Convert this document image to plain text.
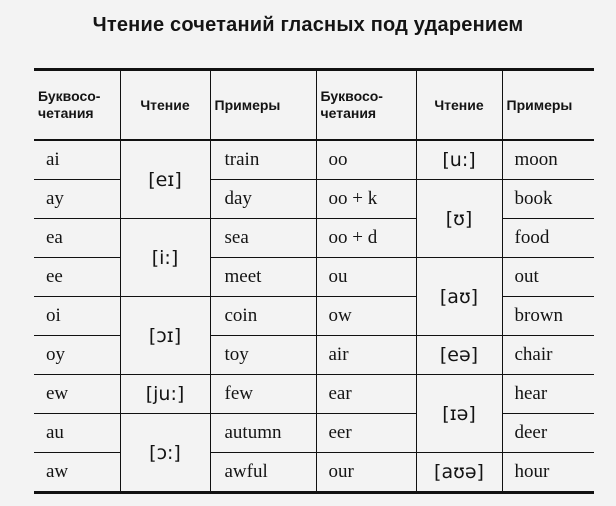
Чтение сочетаний гласных под ударением
Буквосо-
четания	Чтение	Примеры	Буквосо-
четания	Чтение	Примеры
ai	[eɪ]	train	oo	[u:]	moon
ay		day	oo + k	[ʊ]	book
ea	[i:]	sea	oo + d		food
ee		meet	ou	[aʊ]	out
oi	[ɔɪ]	coin	ow		brown
oy		toy	air	[eə]	chair
ew	[ju:]	few	ear	[ɪə]	hear
au	[ɔ:]	autumn	eer		deer
aw		awful	our	[aʊə]	hour
